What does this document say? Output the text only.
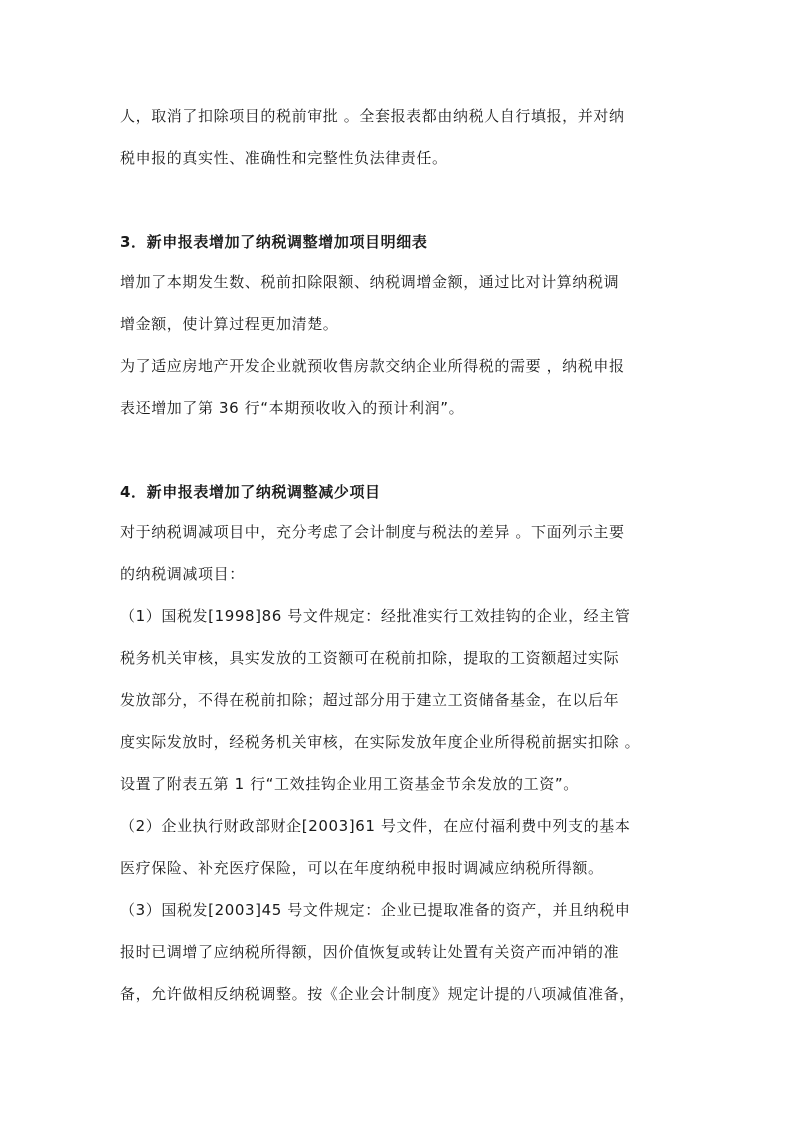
人，取消了扣除项目的税前审批 。全套报表都由纳税人自行填报，并对纳
税申报的真实性、准确性和完整性负法律责任。
3．新申报表增加了纳税调整增加项目明细表
增加了本期发生数、税前扣除限额、纳税调增金额，通过比对计算纳税调
增金额，使计算过程更加清楚。
为了适应房地产开发企业就预收售房款交纳企业所得税的需要 ，纳税申报
表还增加了第 36 行“本期预收收入的预计利润”。
4．新申报表增加了纳税调整减少项目
对于纳税调减项目中，充分考虑了会计制度与税法的差异 。下面列示主要
的纳税调减项目：
（1）国税发[1998]86 号文件规定：经批准实行工效挂钩的企业，经主管
税务机关审核，具实发放的工资额可在税前扣除，提取的工资额超过实际
发放部分，不得在税前扣除；超过部分用于建立工资储备基金，在以后年
度实际发放时，经税务机关审核，在实际发放年度企业所得税前据实扣除 。
设置了附表五第 1 行“工效挂钩企业用工资基金节余发放的工资”。
（2）企业执行财政部财企[2003]61 号文件，在应付福利费中列支的基本
医疗保险、补充医疗保险，可以在年度纳税申报时调减应纳税所得额。
（3）国税发[2003]45 号文件规定：企业已提取准备的资产，并且纳税申
报时已调增了应纳税所得额，因价值恢复或转让处置有关资产而冲销的准
备，允许做相反纳税调整。按《企业会计制度》规定计提的八项减值准备，
